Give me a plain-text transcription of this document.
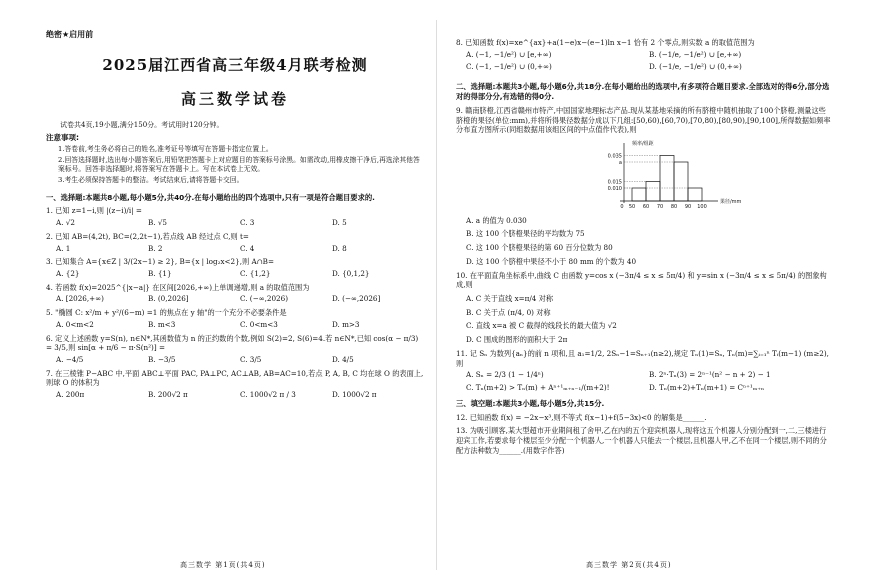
绝密★启用前
2025届江西省高三年级4月联考检测
高三数学试卷
试卷共4页,19小题,满分150分。考试用时120分钟。
注意事项:
1.答卷前,考生务必将自己的姓名,准考证号等填写在答题卡指定位置上。
2.回答选择题时,选出每小题答案后,用铅笔把答题卡上对应题目的答案标号涂黑。如需改动,用橡皮擦干净后,再选涂其他答案标号。回答非选择题时,将答案写在答题卡上。写在本试卷上无效。
3.考生必须保持答题卡的整洁。考试结束后,请将答题卡交回。
一、选择题:本题共8小题,每小题5分,共40分.在每小题给出的四个选项中,只有一项是符合题目要求的.
1. 已知 z=1−i,则 |(z−i)/i| =
A. √2	B. √5	C. 3	D. 5
2. 已知 AB=(4,2t), BC=(2,2t−1),若点线 AB 经过点 C,则 t=
A. 1	B. 2	C. 4	D. 8
3. 已知集合 A={x∈Z | 3/(2x−1) ≥ 2}, B={x | log₂x<2},则 A∩B=
A. {2}	B. {1}	C. {1,2}	D. {0,1,2}
4. 若函数 f(x)=2025^{|x−a|} 在区间[2026,+∞)上单调递增,则 a 的取值范围为
A. [2026,+∞)	B. (0,2026]	C. (−∞,2026)	D. (−∞,2026]
5. "椭圆 C: x²/m + y²/(6−m) =1 的焦点在 y 轴"的一个充分不必要条件是
A. 0<m<2	B. m<3	C. 0<m<3	D. m>3
6. 定义上述函数 y=S(n), n∈N*,其函数值为 n 的正约数的个数,例如 S(2)=2, S(6)=4.若 n∈N*,已知 cos(α − π/3) = 3/5,则 sin[α + π/6 − π·S(n²)] =
A. −4/5	B. −3/5	C. 3/5	D. 4/5
7. 在三棱锥 P−ABC 中,平面 ABC⊥平面 PAC, PA⊥PC, AC⊥AB, AB=AC=10,若点 P, A, B, C 均在球 O 的表面上,则球 O 的体积为
A. 200π	B. 200√2 π	C. 1000√2 π / 3	D. 1000√2 π
高三数学 第1页(共4页)
8. 已知函数 f(x)=xe^{ax}+a(1−e)x−(e−1)ln x−1 恰有 2 个零点,则实数 a 的取值范围为
A. (−1, −1/e²) ∪ [e,+∞)	B. (−1/e, −1/e²) ∪ [e,+∞)
C. (−1, −1/e²) ∪ (0,+∞)	D. (−1/e, −1/e²) ∪ (0,+∞)
二、选择题:本题共3小题,每小题6分,共18分.在每小题给出的选项中,有多项符合题目要求.全部选对的得6分,部分选对的得部分分,有选错的得0分.
9. 赣南脐橙,江西省赣州市特产,中国国家地理标志产品.现从某基地采摘的所有脐橙中随机抽取了100个脐橙,测量这些脐橙的果径(单位:mm),并将所得果径数据分成以下几组:[50,60),[60,70),[70,80),[80,90),[90,100],所得数据如频率分布直方图所示(同组数据用该组区间的中点值作代表),则
0.010
0.015
a
0.035
0 50 60 70 80 90 100
果径/mm
频率/组距
A. a 的值为 0.030
B. 这 100 个脐橙果径的平均数为 75
C. 这 100 个脐橙果径的第 60 百分位数为 80
D. 这 100 个脐橙中果径不小于 80 mm 的个数为 40
10. 在平面直角坐标系中,曲线 C 由函数 y=cos x (−3π/4 ≤ x ≤ 5π/4) 和 y=sin x (−3π/4 ≤ x ≤ 5π/4) 的图象构成,则
A. C 关于直线 x=π/4 对称
B. C 关于点 (π/4, 0) 对称
C. 直线 x=a 被 C 截得的线段长的最大值为 √2
D. C 围成的图形的面积大于 2π
11. 记 Sₙ 为数列{aₙ}的前 n 项和,且 a₁=1/2, 2Sₙ−1=Sₙ₊₁(n≥2),规定 Tₙ(1)=Sₙ, Tₙ(m)=∑ᵢ₌₁ⁿ Tᵢ(m−1) (m≥2),则
A. Sₙ = 2/3 (1 − 1/4ⁿ)	B. 2ⁿ·Tₙ(3) = 2ⁿ⁻¹(n² − n + 2) − 1
C. Tₙ(m+2) > Tₙ(m) + Aⁿ⁺¹ₘ₊ₙ₋₁/(m+2)!	D. Tₙ(m+2)+Tₙ(m+1) = Cⁿ⁺¹ₘ₊ₙ
三、填空题:本题共3小题,每小题5分,共15分.
12. 已知函数 f(x) = −2x−x³,则不等式 f(x−1)+f(5−3x)<0 的解集是______.
13. 为吸引顾客,某大型超市开业期间租了舍甲,乙在内的五个迎宾机器人,现将这五个机器人分别分配到一,二,三楼进行迎宾工作,若要求每个楼层至少分配一个机器人,一个机器人只能去一个楼层,且机器人甲,乙不在同一个楼层,则不同的分配方法种数为______.(用数字作答)
高三数学 第2页(共4页)
